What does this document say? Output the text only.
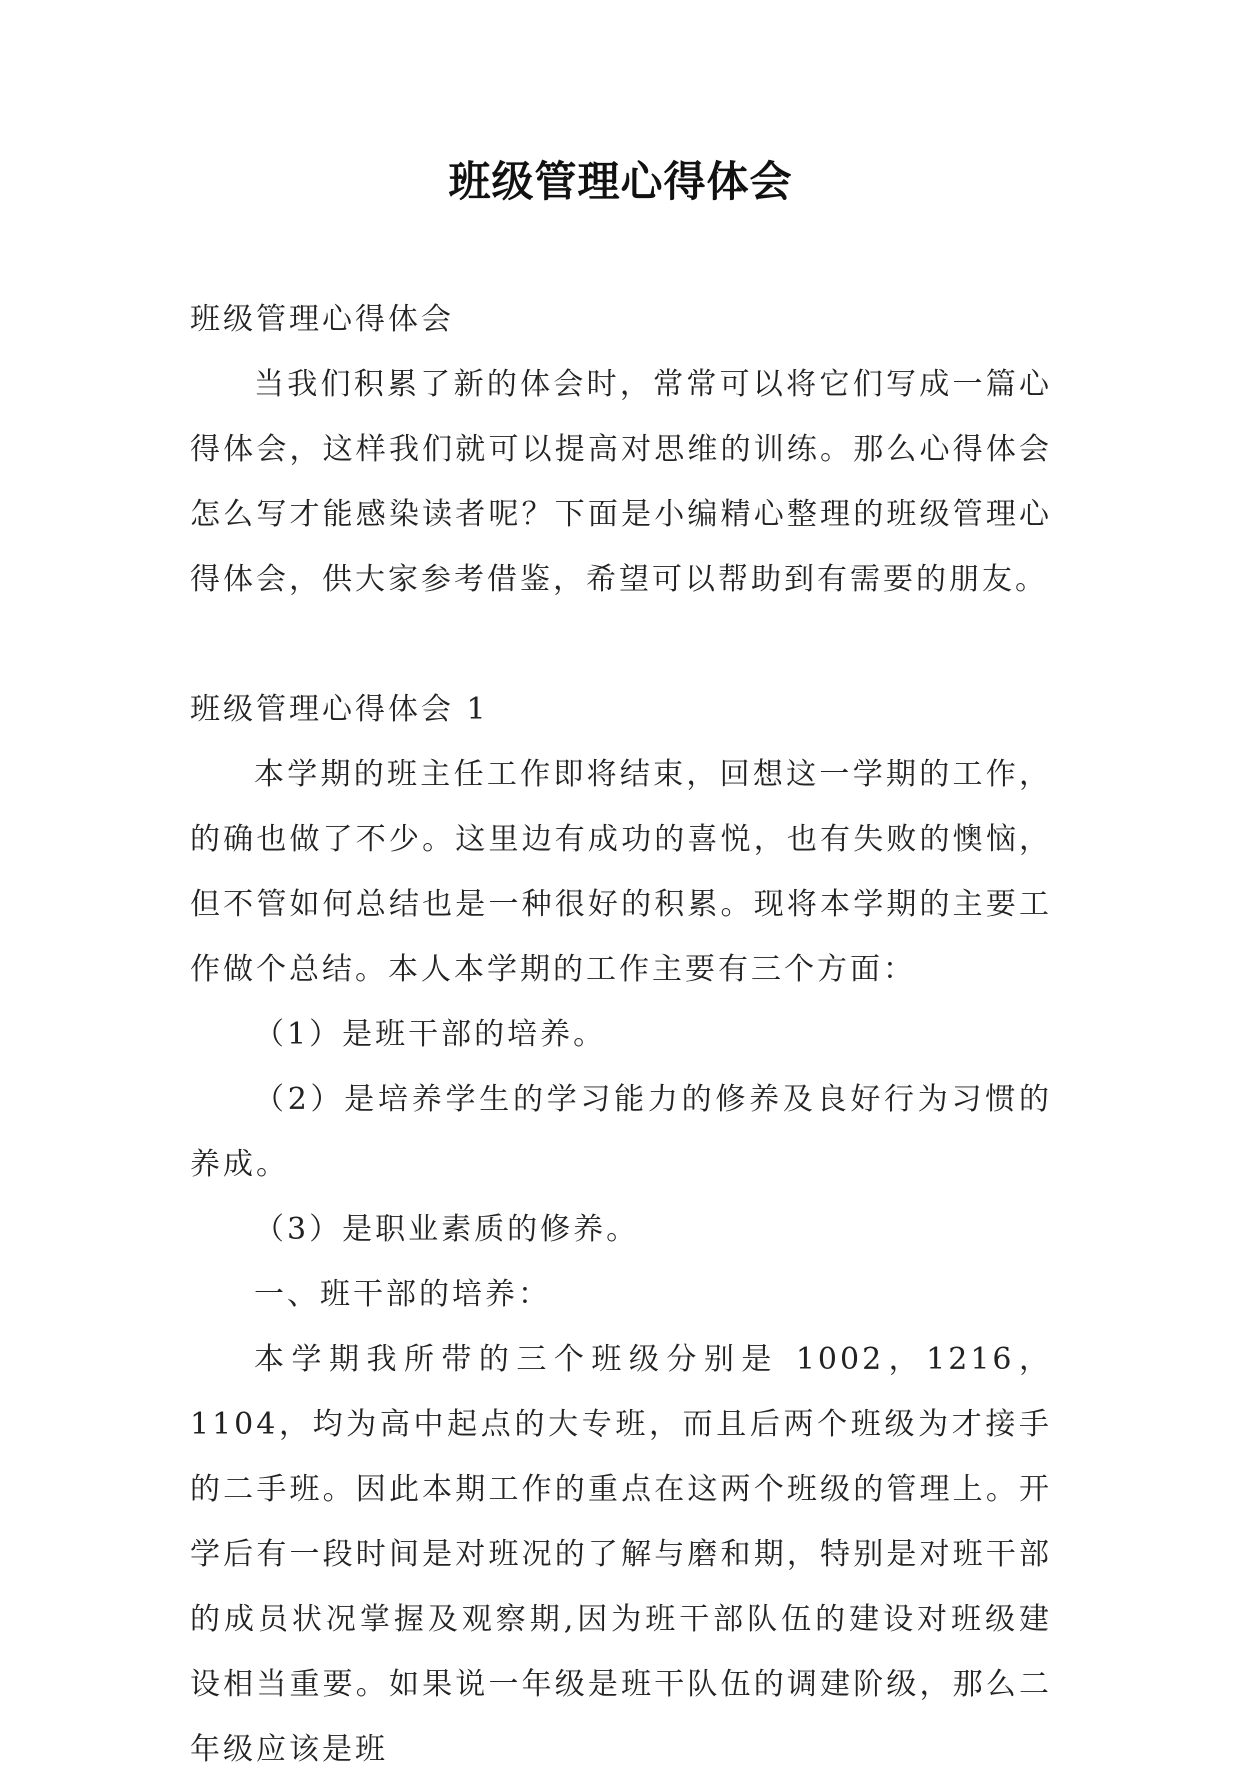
班级管理心得体会

班级管理心得体会

当我们积累了新的体会时，常常可以将它们写成一篇心得体会，这样我们就可以提高对思维的训练。那么心得体会怎么写才能感染读者呢？下面是小编精心整理的班级管理心得体会，供大家参考借鉴，希望可以帮助到有需要的朋友。

班级管理心得体会 1

本学期的班主任工作即将结束，回想这一学期的工作，的确也做了不少。这里边有成功的喜悦，也有失败的懊恼，但不管如何总结也是一种很好的积累。现将本学期的主要工作做个总结。本人本学期的工作主要有三个方面：

（1）是班干部的培养。

（2）是培养学生的学习能力的修养及良好行为习惯的养成。

（3）是职业素质的修养。

一、班干部的培养：

本学期我所带的三个班级分别是 1002，1216，1104，均为高中起点的大专班，而且后两个班级为才接手的二手班。因此本期工作的重点在这两个班级的管理上。开学后有一段时间是对班况的了解与磨和期，特别是对班干部的成员状况掌握及观察期,因为班干部队伍的建设对班级建设相当重要。如果说一年级是班干队伍的调建阶级，那么二年级应该是班
